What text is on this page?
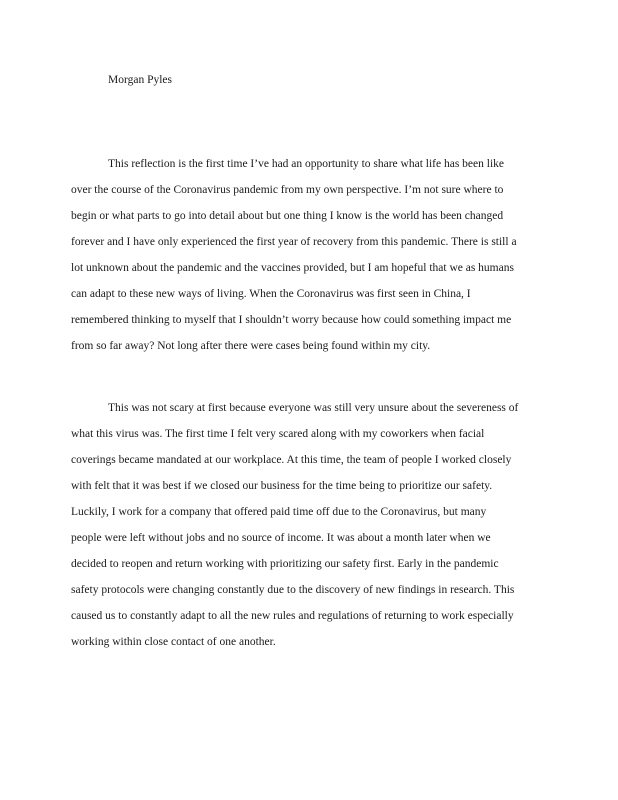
Morgan Pyles

This reflection is the first time I’ve had an opportunity to share what life has been like

over the course of the Coronavirus pandemic from my own perspective. I’m not sure where to

begin or what parts to go into detail about but one thing I know is the world has been changed

forever and I have only experienced the first year of recovery from this pandemic. There is still a

lot unknown about the pandemic and the vaccines provided, but I am hopeful that we as humans

can adapt to these new ways of living. When the Coronavirus was first seen in China, I

remembered thinking to myself that I shouldn’t worry because how could something impact me

from so far away? Not long after there were cases being found within my city.

This was not scary at first because everyone was still very unsure about the severeness of

what this virus was. The first time I felt very scared along with my coworkers when facial

coverings became mandated at our workplace. At this time, the team of people I worked closely

with felt that it was best if we closed our business for the time being to prioritize our safety.

Luckily, I work for a company that offered paid time off due to the Coronavirus, but many

people were left without jobs and no source of income. It was about a month later when we

decided to reopen and return working with prioritizing our safety first. Early in the pandemic

safety protocols were changing constantly due to the discovery of new findings in research. This

caused us to constantly adapt to all the new rules and regulations of returning to work especially

working within close contact of one another.
